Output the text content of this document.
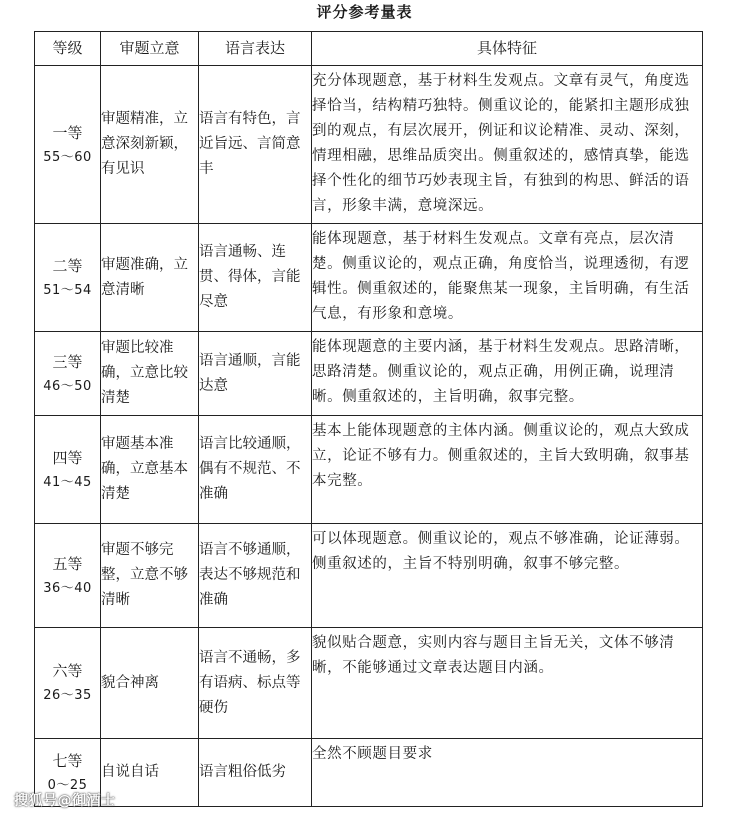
评分参考量表
等级	审题立意	语言表达	具体特征

一等
55～60	审题精准，立意深刻新颖，有见识	语言有特色，言近旨远、言简意丰	充分体现题意，基于材料生发观点。文章有灵气，角度选择恰当，结构精巧独特。侧重议论的，能紧扣主题形成独到的观点，有层次展开，例证和议论精准、灵动、深刻，情理相融，思维品质突出。侧重叙述的，感情真挚，能选择个性化的细节巧妙表现主旨，有独到的构思、鲜活的语言，形象丰满，意境深远。

二等
51～54	审题准确，立意清晰	语言通畅、连贯、得体，言能尽意	能体现题意，基于材料生发观点。文章有亮点，层次清楚。侧重议论的，观点正确，角度恰当，说理透彻，有逻辑性。侧重叙述的，能聚焦某一现象，主旨明确，有生活气息，有形象和意境。

三等
46～50	审题比较准确，立意比较清楚	语言通顺，言能达意	能体现题意的主要内涵，基于材料生发观点。思路清晰，思路清楚。侧重议论的，观点正确，用例正确，说理清晰。侧重叙述的，主旨明确，叙事完整。

四等
41～45	审题基本准确，立意基本清楚	语言比较通顺，偶有不规范、不准确	基本上能体现题意的主体内涵。侧重议论的，观点大致成立，论证不够有力。侧重叙述的，主旨大致明确，叙事基本完整。

五等
36～40	审题不够完整，立意不够清晰	语言不够通顺，表达不够规范和准确	可以体现题意。侧重议论的，观点不够准确，论证薄弱。侧重叙述的，主旨不特别明确，叙事不够完整。

六等
26～35	貌合神离	语言不通畅，多有语病、标点等硬伤	貌似贴合题意，实则内容与题目主旨无关，文体不够清晰，不能够通过文章表达题目内涵。

七等
0～25	自说自话	语言粗俗低劣	全然不顾题目要求
搜狐号@御酒士
